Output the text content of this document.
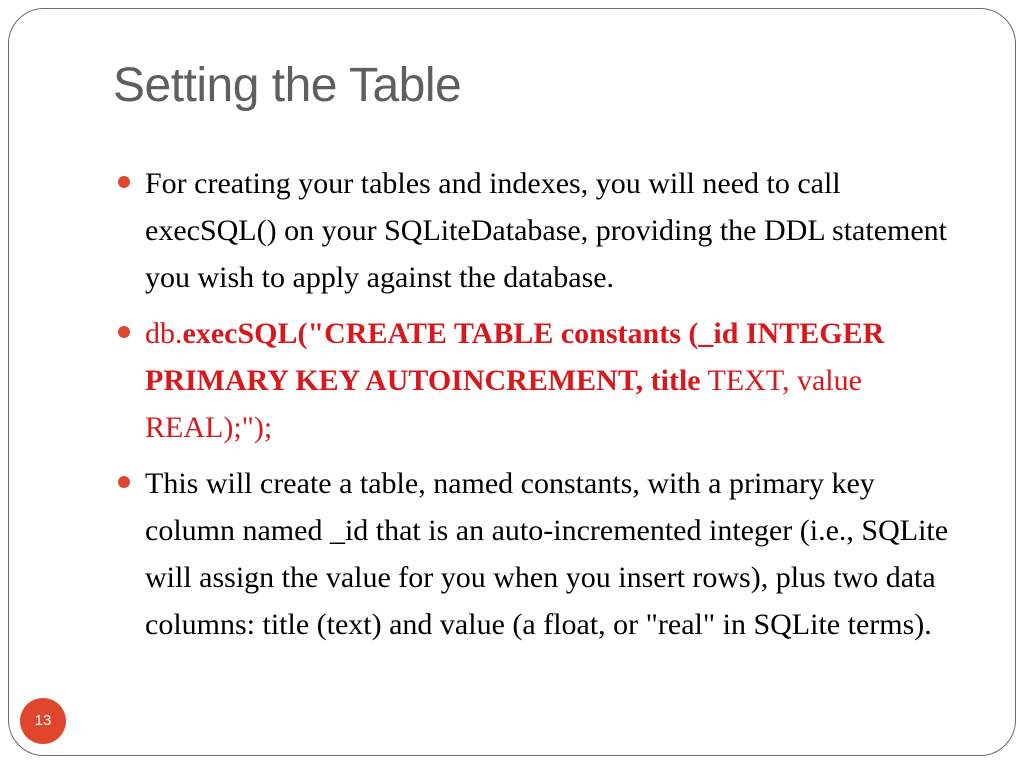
Setting the Table
For creating your tables and indexes, you will need to call execSQL() on your SQLiteDatabase, providing the DDL statement you wish to apply against the database.
db.execSQL("CREATE TABLE constants (_id INTEGER PRIMARY KEY AUTOINCREMENT, title TEXT, value REAL);");
This will create a table, named constants, with a primary key column named _id that is an auto-incremented integer (i.e., SQLite will assign the value for you when you insert rows), plus two data columns: title (text) and value (a float, or "real" in SQLite terms).
13
